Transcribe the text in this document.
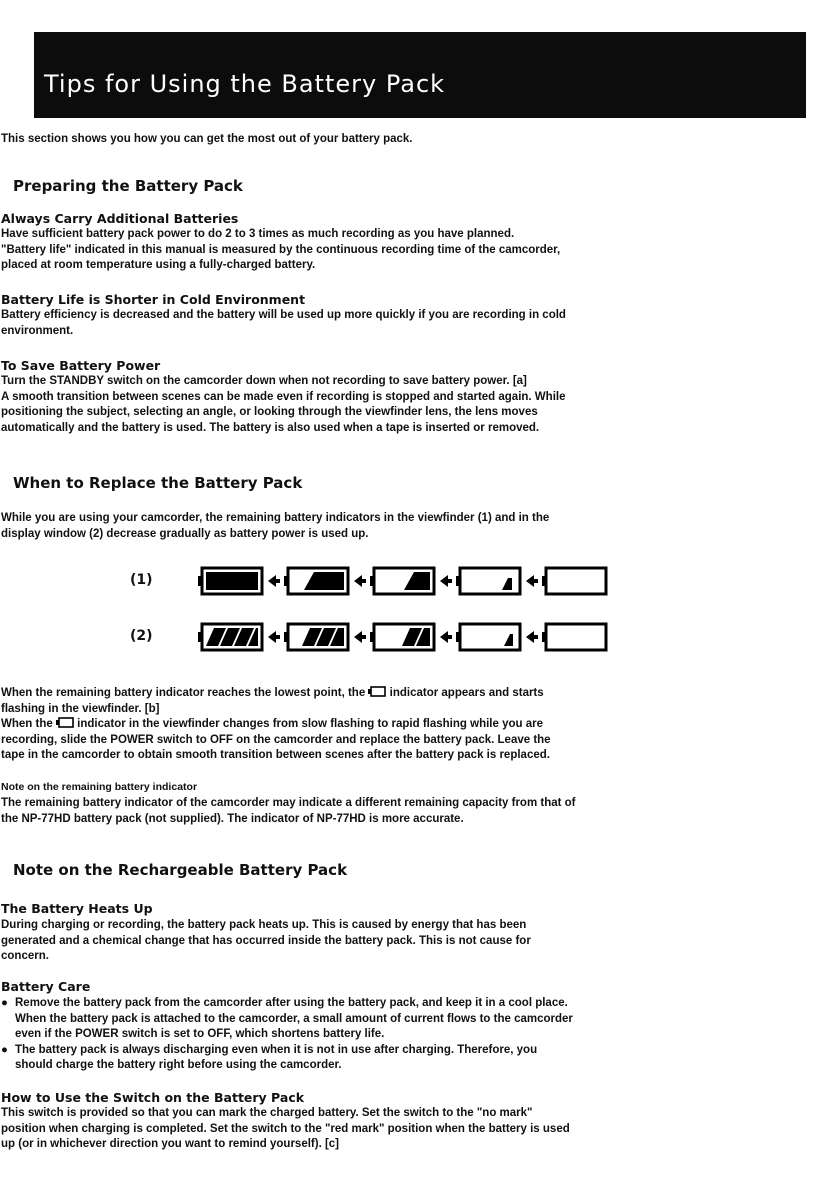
Tips for Using the Battery Pack
This section shows you how you can get the most out of your battery pack.
Preparing the Battery Pack
Always Carry Additional Batteries
Have sufficient battery pack power to do 2 to 3 times as much recording as you have planned.
"Battery life" indicated in this manual is measured by the continuous recording time of the camcorder,
placed at room temperature using a fully-charged battery.
Battery Life is Shorter in Cold Environment
Battery efficiency is decreased and the battery will be used up more quickly if you are recording in cold
environment.
To Save Battery Power
Turn the STANDBY switch on the camcorder down when not recording to save battery power. [a]
A smooth transition between scenes can be made even if recording is stopped and started again. While
positioning the subject, selecting an angle, or looking through the viewfinder lens, the lens moves
automatically and the battery is used. The battery is also used when a tape is inserted or removed.
When to Replace the Battery Pack
While you are using your camcorder, the remaining battery indicators in the viewfinder (1) and in the
display window (2) decrease gradually as battery power is used up.
(1)
(2)
When the remaining battery indicator reaches the lowest point, the indicator appears and starts
flashing in the viewfinder. [b]
When the indicator in the viewfinder changes from slow flashing to rapid flashing while you are
recording, slide the POWER switch to OFF on the camcorder and replace the battery pack. Leave the
tape in the camcorder to obtain smooth transition between scenes after the battery pack is replaced.
Note on the remaining battery indicator
The remaining battery indicator of the camcorder may indicate a different remaining capacity from that of
the NP-77HD battery pack (not supplied). The indicator of NP-77HD is more accurate.
Note on the Rechargeable Battery Pack
The Battery Heats Up
During charging or recording, the battery pack heats up. This is caused by energy that has been
generated and a chemical change that has occurred inside the battery pack. This is not cause for
concern.
Battery Care
● Remove the battery pack from the camcorder after using the battery pack, and keep it in a cool place.
When the battery pack is attached to the camcorder, a small amount of current flows to the camcorder
even if the POWER switch is set to OFF, which shortens battery life.
● The battery pack is always discharging even when it is not in use after charging. Therefore, you
should charge the battery right before using the camcorder.
How to Use the Switch on the Battery Pack
This switch is provided so that you can mark the charged battery. Set the switch to the "no mark"
position when charging is completed. Set the switch to the "red mark" position when the battery is used
up (or in whichever direction you want to remind yourself). [c]
